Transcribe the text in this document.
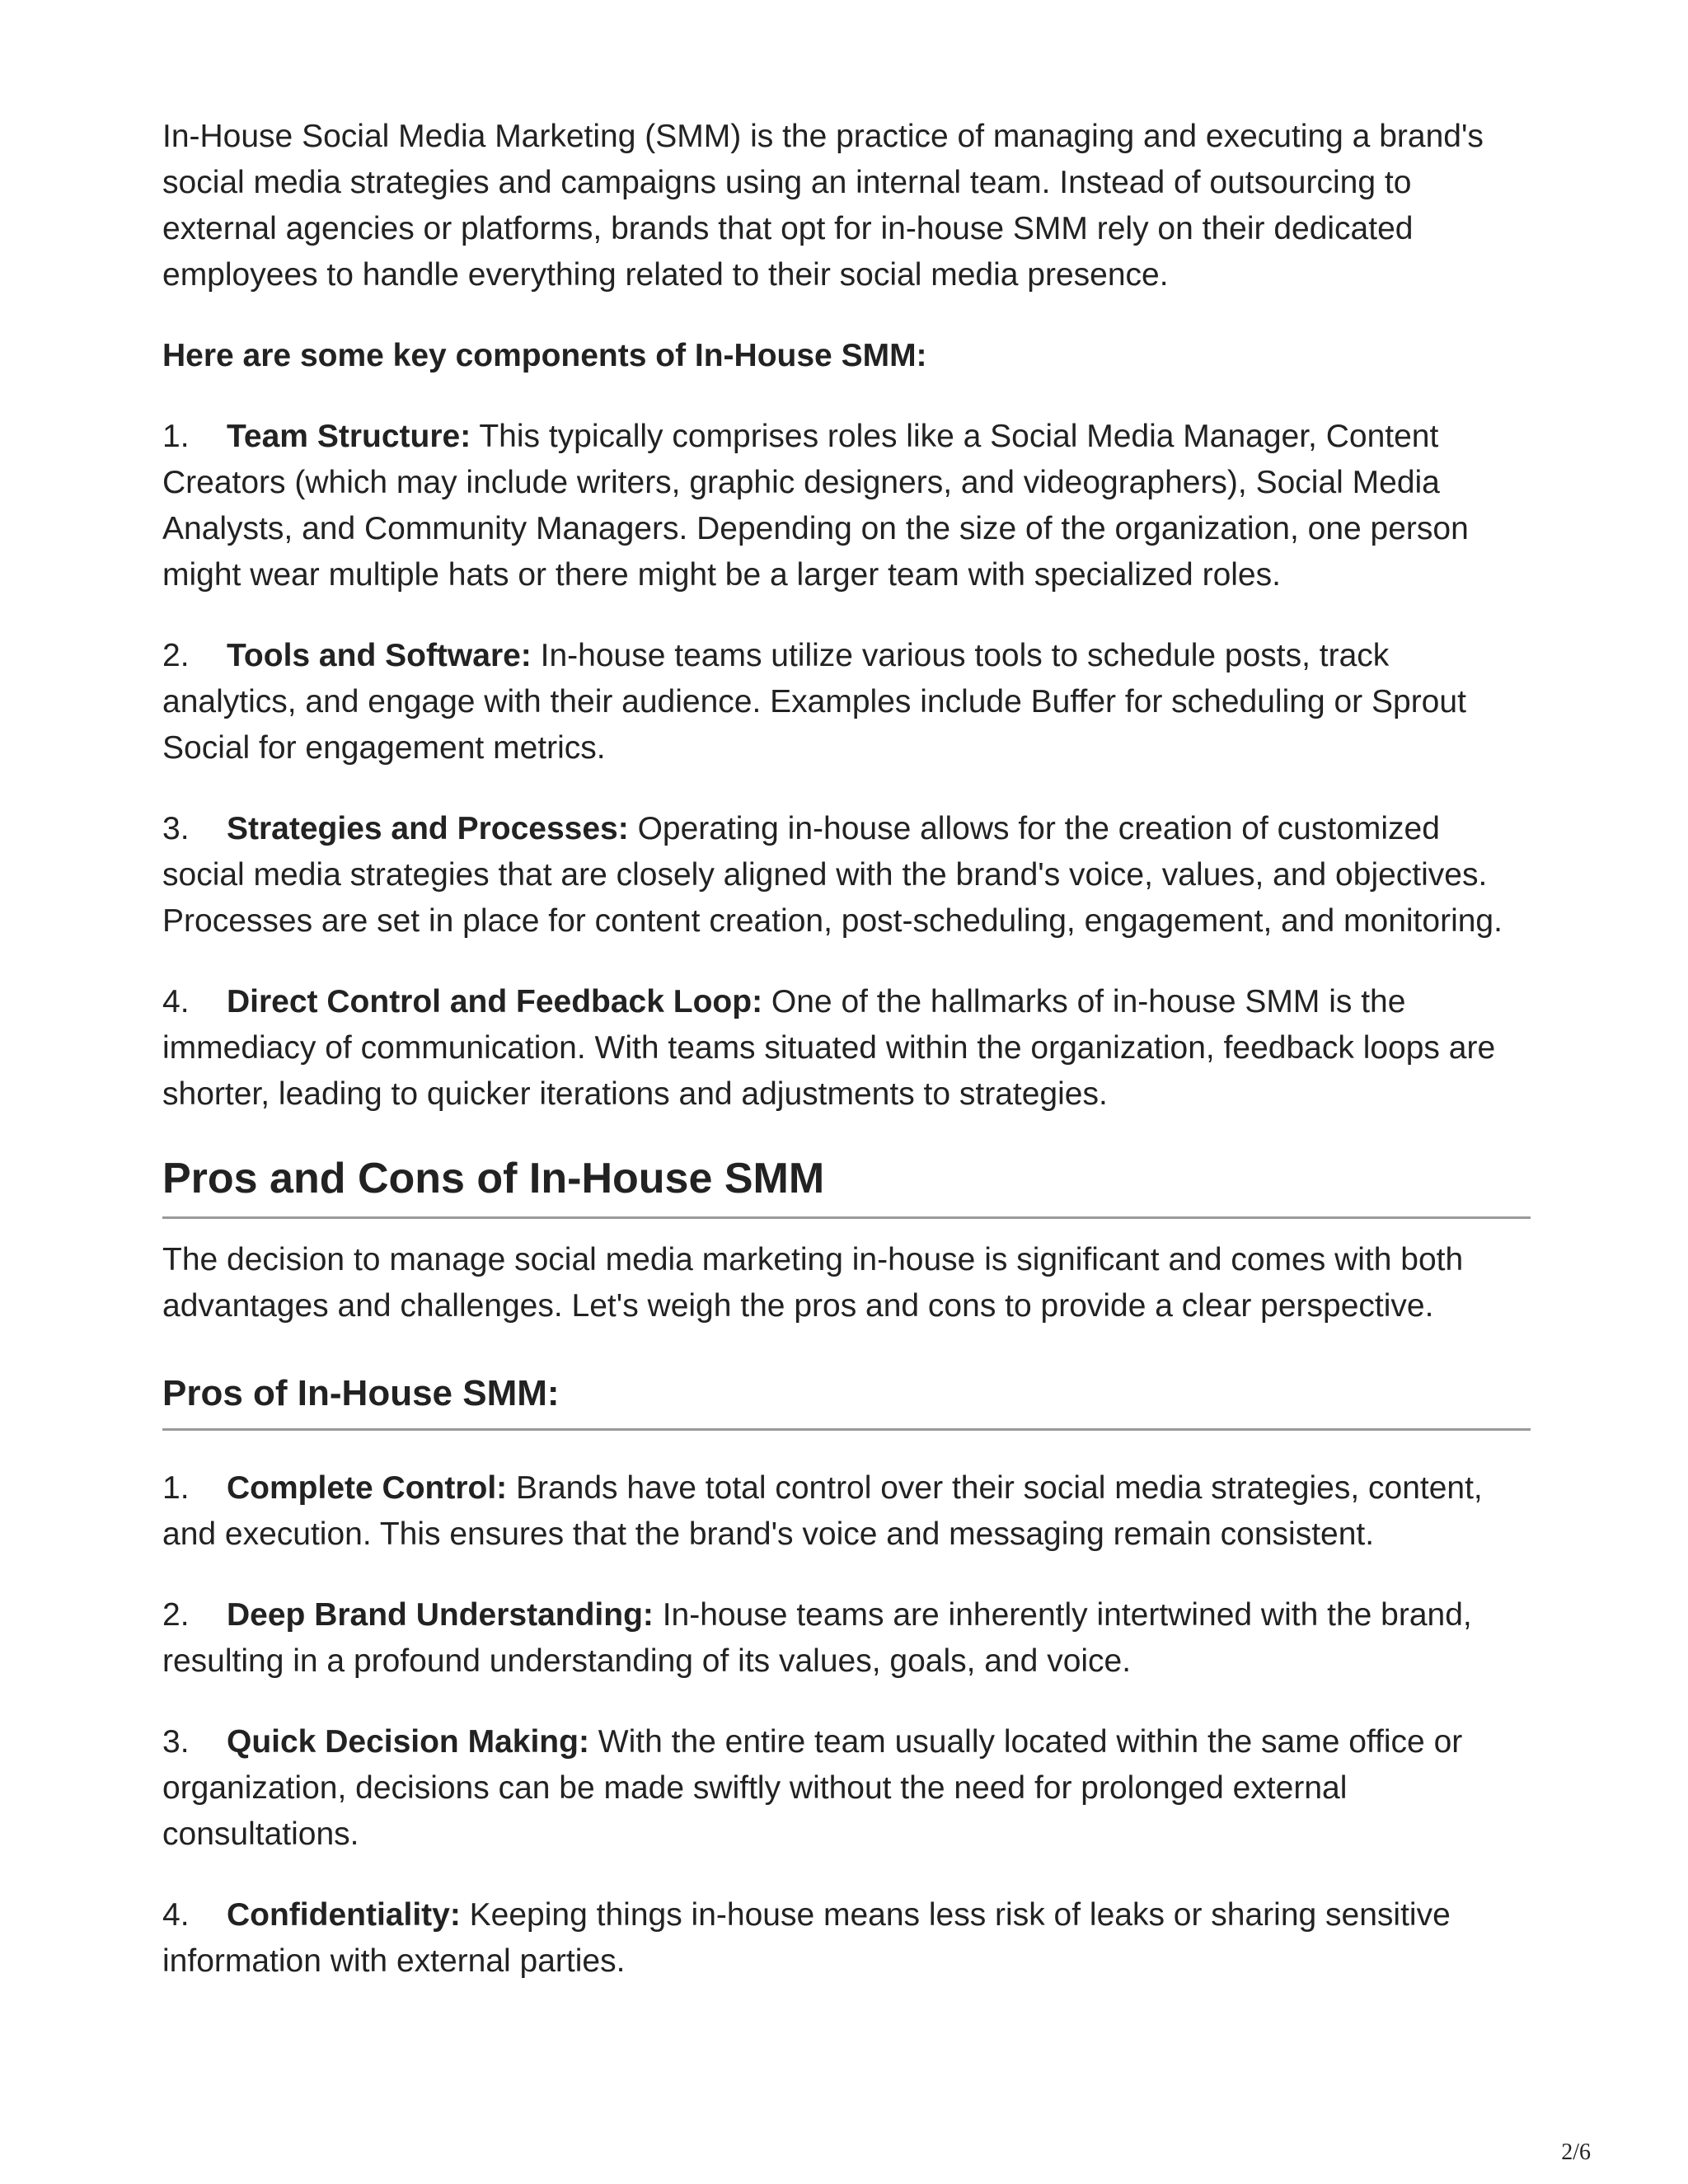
In-House Social Media Marketing (SMM) is the practice of managing and executing a brand's social media strategies and campaigns using an internal team. Instead of outsourcing to external agencies or platforms, brands that opt for in-house SMM rely on their dedicated employees to handle everything related to their social media presence.

Here are some key components of In-House SMM:

1. Team Structure: This typically comprises roles like a Social Media Manager, Content Creators (which may include writers, graphic designers, and videographers), Social Media Analysts, and Community Managers. Depending on the size of the organization, one person might wear multiple hats or there might be a larger team with specialized roles.

2. Tools and Software: In-house teams utilize various tools to schedule posts, track analytics, and engage with their audience. Examples include Buffer for scheduling or Sprout Social for engagement metrics.

3. Strategies and Processes: Operating in-house allows for the creation of customized social media strategies that are closely aligned with the brand's voice, values, and objectives. Processes are set in place for content creation, post-scheduling, engagement, and monitoring.

4. Direct Control and Feedback Loop: One of the hallmarks of in-house SMM is the immediacy of communication. With teams situated within the organization, feedback loops are shorter, leading to quicker iterations and adjustments to strategies.

Pros and Cons of In-House SMM

The decision to manage social media marketing in-house is significant and comes with both advantages and challenges. Let's weigh the pros and cons to provide a clear perspective.

Pros of In-House SMM:

1. Complete Control: Brands have total control over their social media strategies, content, and execution. This ensures that the brand's voice and messaging remain consistent.

2. Deep Brand Understanding: In-house teams are inherently intertwined with the brand, resulting in a profound understanding of its values, goals, and voice.

3. Quick Decision Making: With the entire team usually located within the same office or organization, decisions can be made swiftly without the need for prolonged external consultations.

4. Confidentiality: Keeping things in-house means less risk of leaks or sharing sensitive information with external parties.

2/6
